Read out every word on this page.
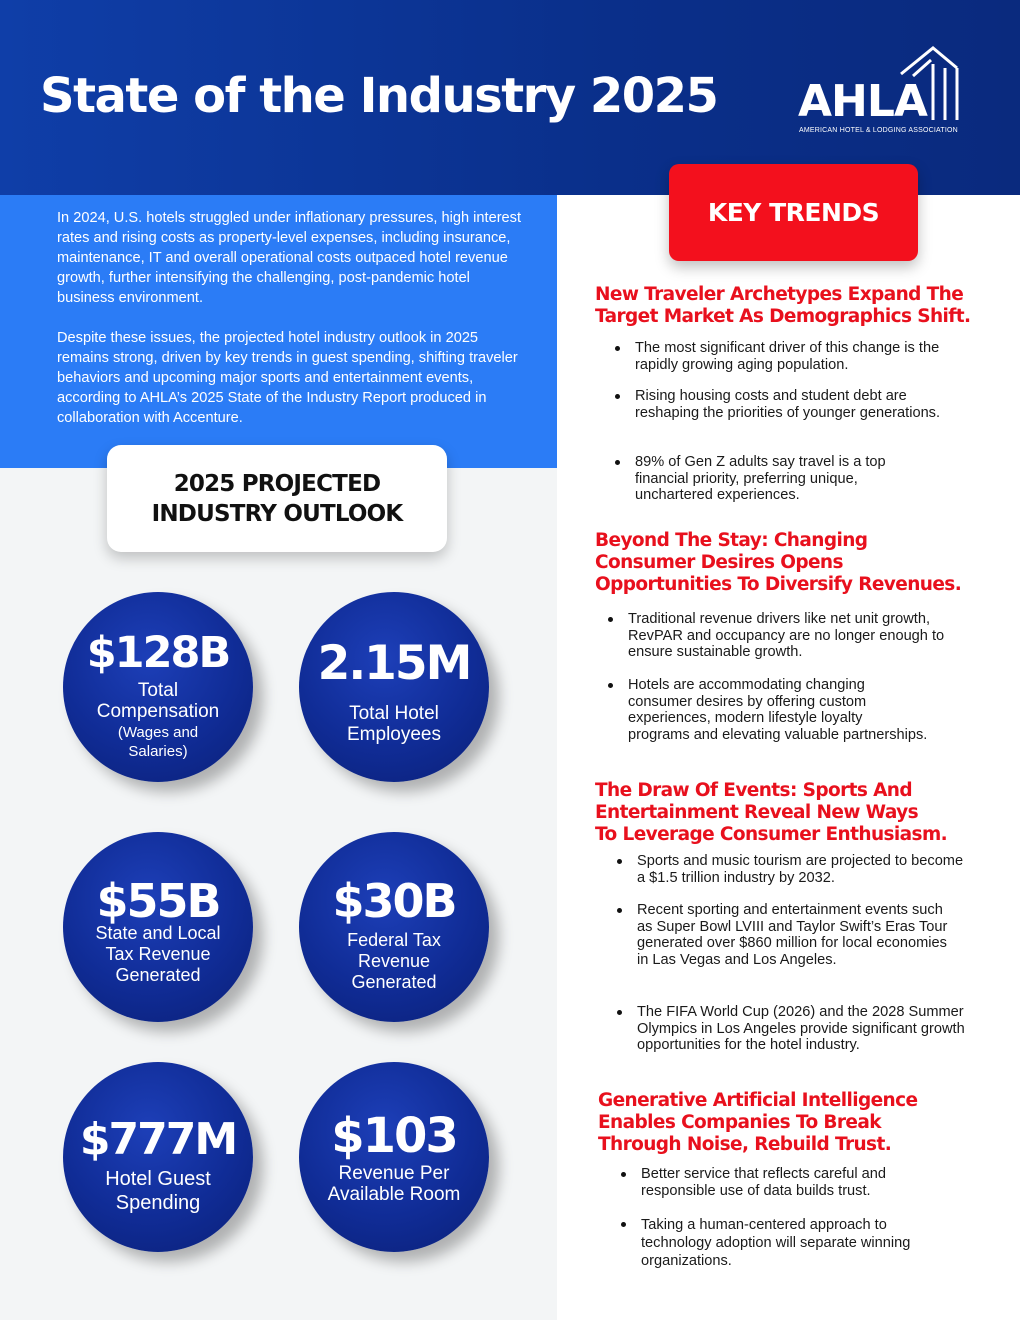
State of the Industry 2025 AHLA
AMERICAN HOTEL & LODGING ASSOCIATION

In 2024, U.S. hotels struggled under inflationary pressures, high interest rates and rising costs as property-level expenses, including insurance, maintenance, IT and overall operational costs outpaced hotel revenue growth, further intensifying the challenging, post-pandemic hotel business environment.

Despite these issues, the projected hotel industry outlook in 2025 remains strong, driven by key trends in guest spending, shifting traveler behaviors and upcoming major sports and entertainment events, according to AHLA’s 2025 State of the Industry Report produced in collaboration with Accenture.

2025 PROJECTED
INDUSTRY OUTLOOK
$128B
Total
Compensation
(Wages and
Salaries)
2.15M
Total Hotel
Employees
$55B
State and Local
Tax Revenue
Generated
$30B
Federal Tax
Revenue
Generated
$777M
Hotel Guest
Spending
$103
Revenue Per
Available Room
KEY TRENDS
New Traveler Archetypes Expand The
Target Market As Demographics Shift.
The most significant driver of this change is the rapidly growing aging population.
Rising housing costs and student debt are reshaping the priorities of younger generations.
89% of Gen Z adults say travel is a top financial priority, preferring unique, unchartered experiences.
Beyond The Stay: Changing
Consumer Desires Opens
Opportunities To Diversify Revenues.
Traditional revenue drivers like net unit growth, RevPAR and occupancy are no longer enough to ensure sustainable growth.
Hotels are accommodating changing consumer desires by offering custom experiences, modern lifestyle loyalty programs and elevating valuable partnerships.
The Draw Of Events: Sports And
Entertainment Reveal New Ways
To Leverage Consumer Enthusiasm.
Sports and music tourism are projected to become a $1.5 trillion industry by 2032.
Recent sporting and entertainment events such as Super Bowl LVIII and Taylor Swift’s Eras Tour generated over $860 million for local economies in Las Vegas and Los Angeles.
The FIFA World Cup (2026) and the 2028 Summer Olympics in Los Angeles provide significant growth opportunities for the hotel industry.
Generative Artificial Intelligence
Enables Companies To Break
Through Noise, Rebuild Trust.
Better service that reflects careful and responsible use of data builds trust.
Taking a human-centered approach to technology adoption will separate winning organizations.
